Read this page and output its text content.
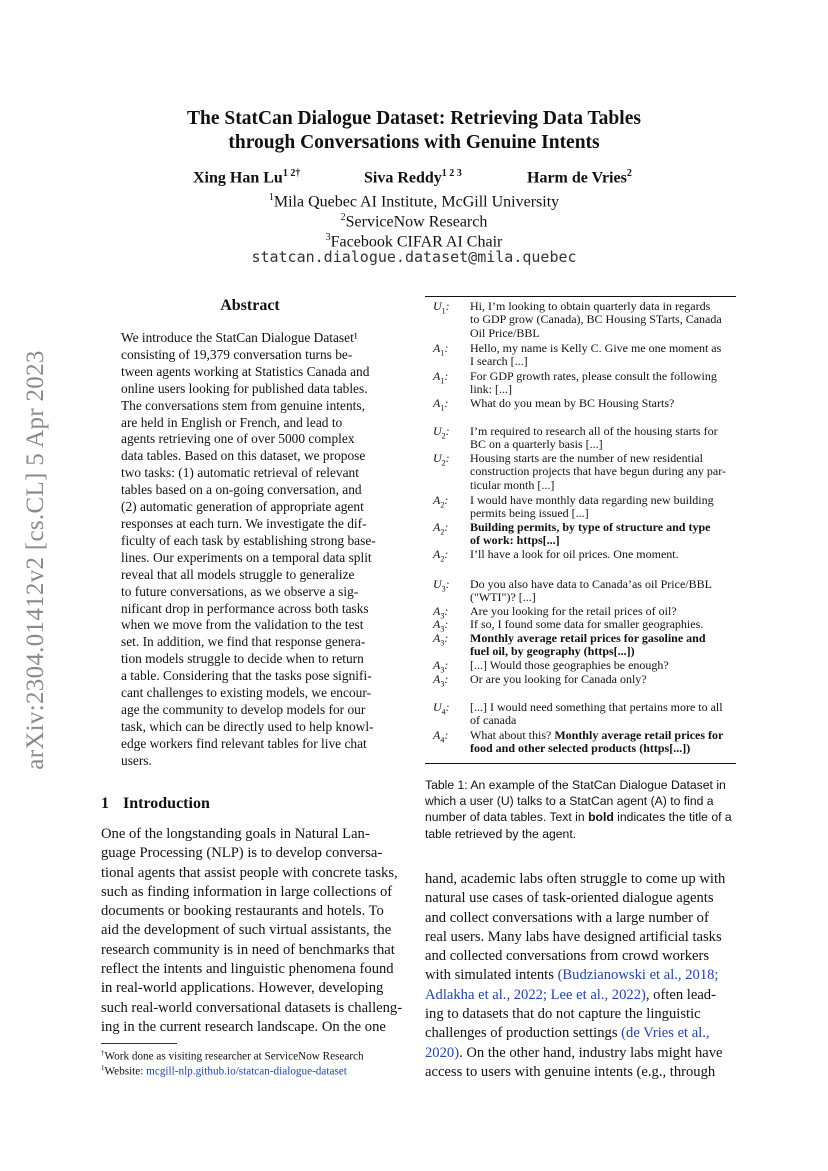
arXiv:2304.01412v2 [cs.CL] 5 Apr 2023
The StatCan Dialogue Dataset: Retrieving Data Tables
through Conversations with Genuine Intents
Xing Han $Lu^{1 2\dagger}$	Siva Reddy$^{1 2 3}$	Harm de Vries$^2$
$^1$Mila Quebec AI Institute, McGill University
$^2$ServiceNow Research
$^3$Facebook CIFAR AI Chair
statcan.dialogue.dataset@mila.quebec
Abstract
We introduce the StatCan Dialogue Dataset¹
consisting of 19,379 conversation turns be-
tween agents working at Statistics Canada and
online users looking for published data tables.
The conversations stem from genuine intents,
are held in English or French, and lead to
agents retrieving one of over 5000 complex
data tables. Based on this dataset, we propose
two tasks: (1) automatic retrieval of relevant
tables based on a on-going conversation, and
(2) automatic generation of appropriate agent
responses at each turn. We investigate the dif-
ficulty of each task by establishing strong base-
lines. Our experiments on a temporal data split
reveal that all models struggle to generalize
to future conversations, as we observe a sig-
nificant drop in performance across both tasks
when we move from the validation to the test
set. In addition, we find that response genera-
tion models struggle to decide when to return
a table. Considering that the tasks pose signifi-
cant challenges to existing models, we encour-
age the community to develop models for our
task, which can be directly used to help knowl-
edge workers find relevant tables for live chat
users.
1 Introduction
One of the longstanding goals in Natural Lan-
guage Processing (NLP) is to develop conversa-
tional agents that assist people with concrete tasks,
such as finding information in large collections of
documents or booking restaurants and hotels. To
aid the development of such virtual assistants, the
research community is in need of benchmarks that
reflect the intents and linguistic phenomena found
in real-world applications. However, developing
such real-world conversational datasets is challeng-
ing in the current research landscape. On the one
†Work done as visiting researcher at ServiceNow Research
$^1$Website: mcgill-nlp.github.io/statcan-dialogue-dataset
$U_1$: Hi, I’m looking to obtain quarterly data in regards
to GDP grow (Canada), BC Housing STarts, Canada
Oil Price/BBL
$A_1$: Hello, my name is Kelly C. Give me one moment as
I search [...]
$A_1$: For GDP growth rates, please consult the following
link: [...]
$A_1$: What do you mean by BC Housing Starts?
$U_2$: I’m required to research all of the housing starts for
BC on a quarterly basis [...]
$U_2$: Housing starts are the number of new residential
construction projects that have begun during any par-
ticular month [...]
$A_2$: I would have monthly data regarding new building
permits being issued [...]
$A_2$: Building permits, by type of structure and type
of work: https[...]
$A_2$: I’ll have a look for oil prices. One moment.
$U_3$: Do you also have data to Canada’as oil Price/BBL
("WTI")? [...]
$A_3$: Are you looking for the retail prices of oil?
$A_3$: If so, I found some data for smaller geographies.
$A_3$: Monthly average retail prices for gasoline and
fuel oil, by geography (https[...])
$A_3$: [...] Would those geographies be enough?
$A_3$: Or are you looking for Canada only?
$U_4$: [...] I would need something that pertains more to all
of canada
$A_4$: What about this? Monthly average retail prices for
food and other selected products (https[...])
Table 1: An example of the StatCan Dialogue Dataset in which a user (U) talks to a StatCan agent (A) to find a number of data tables. Text in bold indicates the title of a table retrieved by the agent.
hand, academic labs often struggle to come up with
natural use cases of task-oriented dialogue agents
and collect conversations with a large number of
real users. Many labs have designed artificial tasks
and collected conversations from crowd workers
with simulated intents (Budzianowski et al., 2018;
Adlakha et al., 2022; Lee et al., 2022), often lead-
ing to datasets that do not capture the linguistic
challenges of production settings (de Vries et al.,
2020). On the other hand, industry labs might have
access to users with genuine intents (e.g., through
